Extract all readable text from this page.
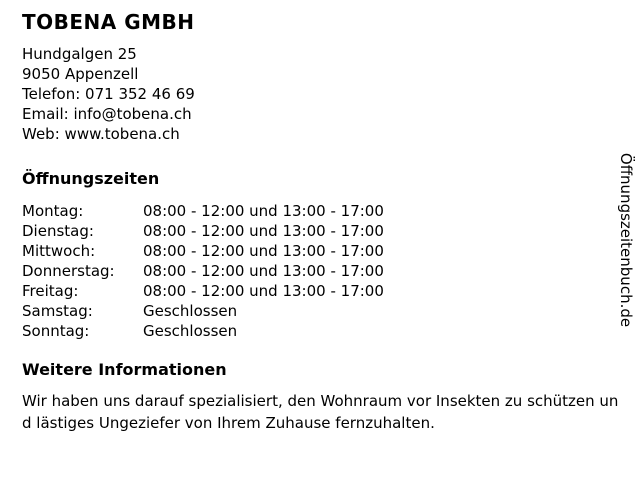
TOBENA GMBH
Hundgalgen 25
9050 Appenzell
Telefon: 071 352 46 69
Email: info@tobena.ch
Web: www.tobena.ch
Öffnungszeiten
Montag:	08:00 - 12:00 und 13:00 - 17:00
Dienstag:	08:00 - 12:00 und 13:00 - 17:00
Mittwoch:	08:00 - 12:00 und 13:00 - 17:00
Donnerstag:	08:00 - 12:00 und 13:00 - 17:00
Freitag:	08:00 - 12:00 und 13:00 - 17:00
Samstag:	Geschlossen
Sonntag:	Geschlossen
Weitere Informationen

Wir haben uns darauf spezialisiert, den Wohnraum vor Insekten zu schützen und lästiges Ungeziefer von Ihrem Zuhause fernzuhalten.

Öffnungszeitenbuch.de
